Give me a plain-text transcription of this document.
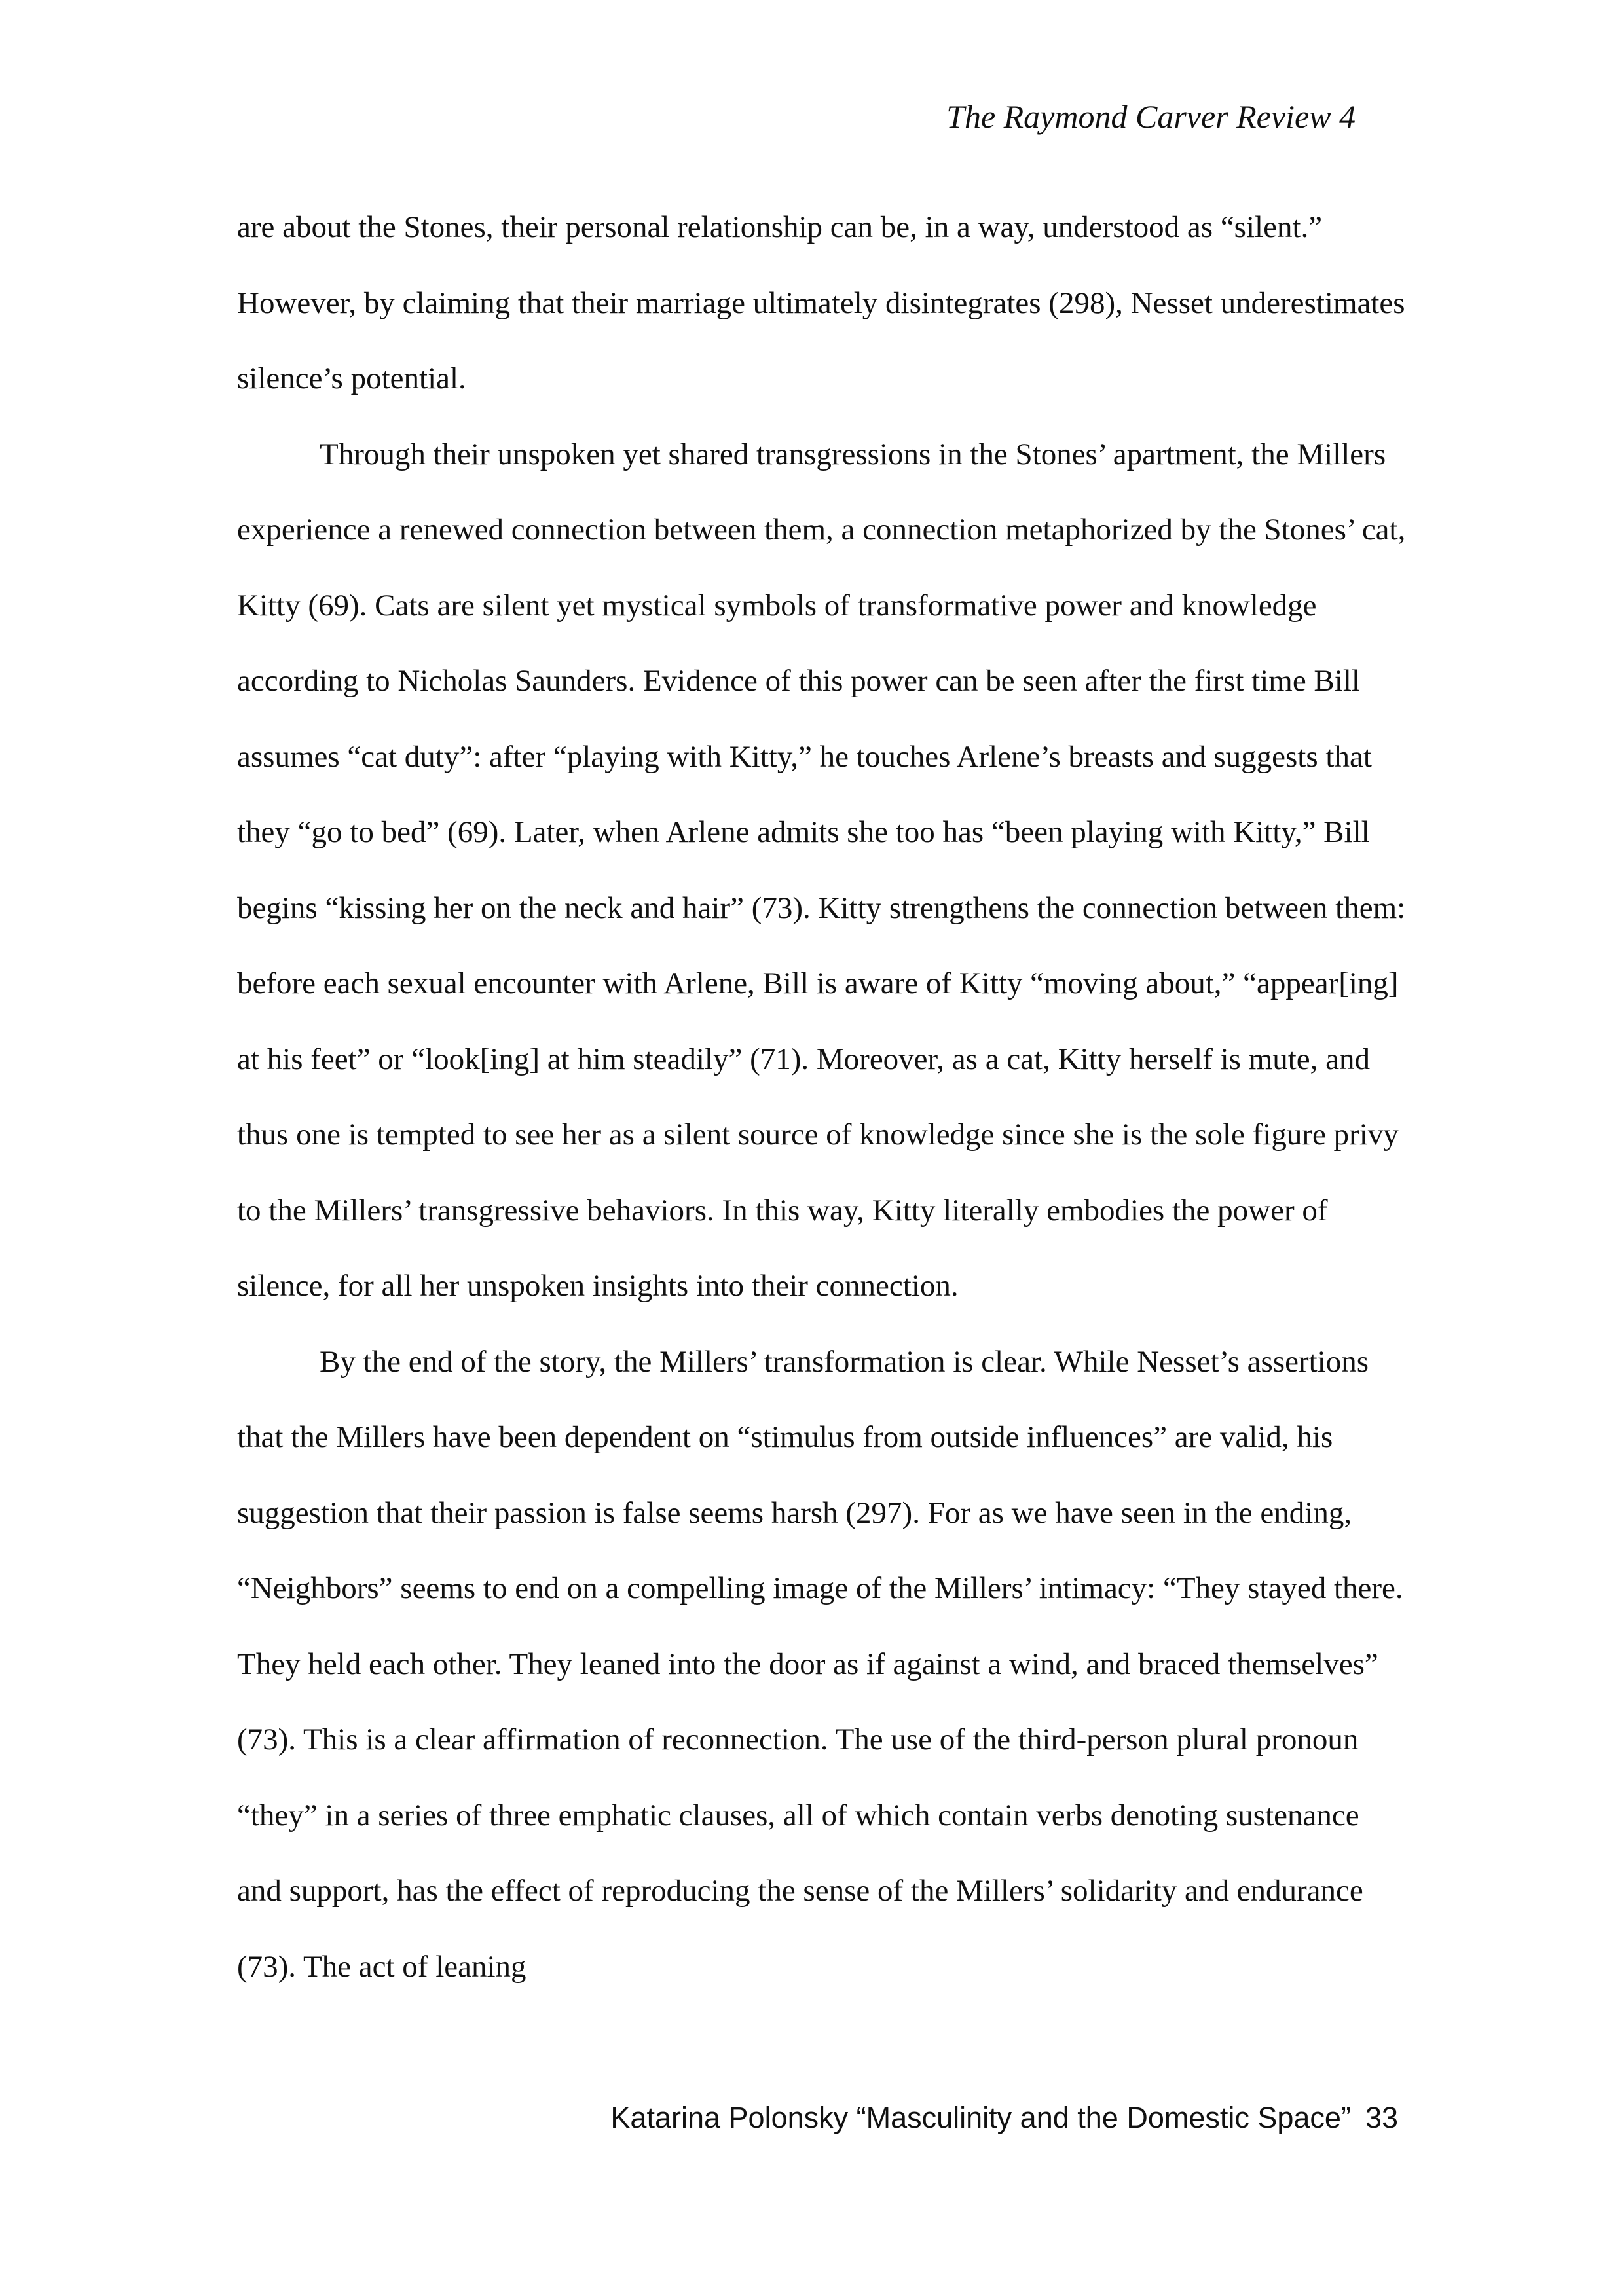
The Raymond Carver Review 4

are about the Stones, their personal relationship can be, in a way, understood as “silent.” However, by claiming that their marriage ultimately disintegrates (298), Nesset underestimates silence’s potential.

Through their unspoken yet shared transgressions in the Stones’ apartment, the Millers experience a renewed connection between them, a connection metaphorized by the Stones’ cat, Kitty (69). Cats are silent yet mystical symbols of transformative power and knowledge according to Nicholas Saunders. Evidence of this power can be seen after the first time Bill assumes “cat duty”: after “playing with Kitty,” he touches Arlene’s breasts and suggests that they “go to bed” (69). Later, when Arlene admits she too has “been playing with Kitty,” Bill begins “kissing her on the neck and hair” (73). Kitty strengthens the connection between them: before each sexual encounter with Arlene, Bill is aware of Kitty “moving about,” “appear[ing] at his feet” or “look[ing] at him steadily” (71). Moreover, as a cat, Kitty herself is mute, and thus one is tempted to see her as a silent source of knowledge since she is the sole figure privy to the Millers’ transgressive behaviors. In this way, Kitty literally embodies the power of silence, for all her unspoken insights into their connection.

By the end of the story, the Millers’ transformation is clear. While Nesset’s assertions that the Millers have been dependent on “stimulus from outside influences” are valid, his suggestion that their passion is false seems harsh (297). For as we have seen in the ending, “Neighbors” seems to end on a compelling image of the Millers’ intimacy: “They stayed there. They held each other. They leaned into the door as if against a wind, and braced themselves” (73). This is a clear affirmation of reconnection. The use of the third-person plural pronoun “they” in a series of three emphatic clauses, all of which contain verbs denoting sustenance and support, has the effect of reproducing the sense of the Millers’ solidarity and endurance (73). The act of leaning

Katarina Polonsky “Masculinity and the Domestic Space” 33
